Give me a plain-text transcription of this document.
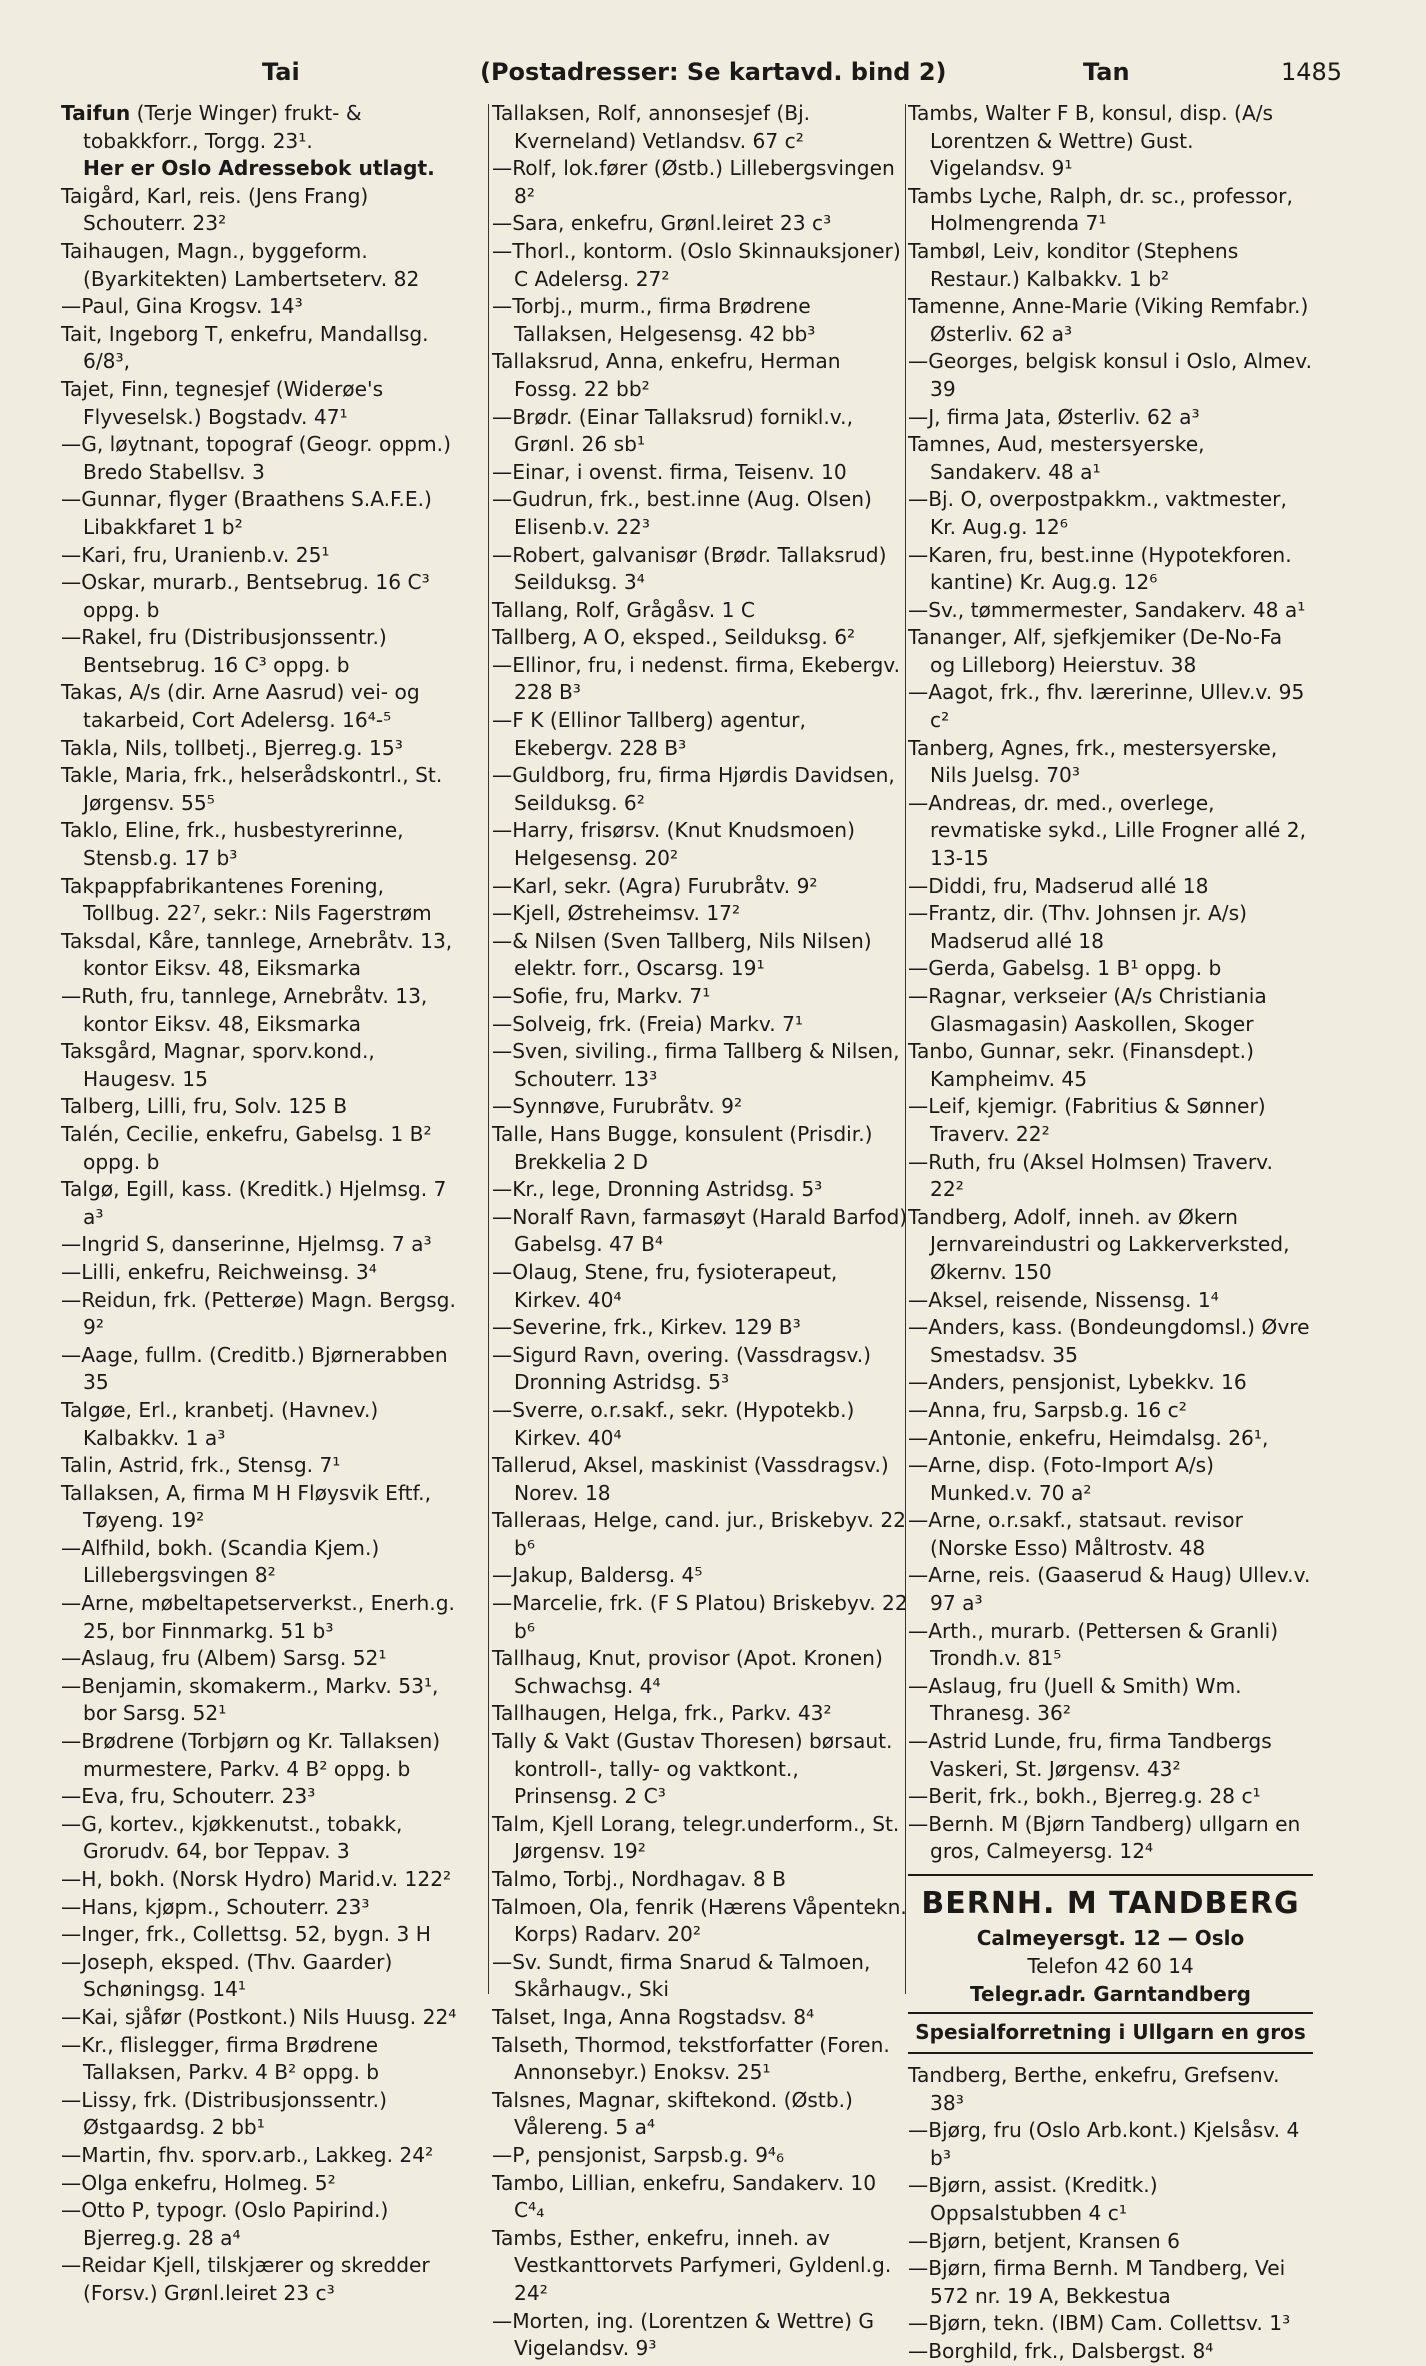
Tai	(Postadresser: Se kartavd. bind 2)	Tan	1485
Taifun (Terje Winger) frukt- & tobakkforr., Torgg. 23¹.
Her er Oslo Adressebok utlagt.
Taigård, Karl, reis. (Jens Frang) Schouterr. 23²
Taihaugen, Magn., byggeform. (Byarkitekten) Lambertseterv. 82
—Paul, Gina Krogsv. 14³
Tait, Ingeborg T, enkefru, Mandallsg. 6/8³,
Tajet, Finn, tegnesjef (Widerøe's Flyveselsk.) Bogstadv. 47¹
—G, løytnant, topograf (Geogr. oppm.) Bredo Stabellsv. 3
—Gunnar, flyger (Braathens S.A.F.E.) Libakkfaret 1 b²
—Kari, fru, Uranienb.v. 25¹
—Oskar, murarb., Bentsebrug. 16 C³ oppg. b
—Rakel, fru (Distribusjonssentr.) Bentsebrug. 16 C³ oppg. b
Takas, A/s (dir. Arne Aasrud) vei- og takarbeid, Cort Adelersg. 16⁴-⁵
Takla, Nils, tollbetj., Bjerreg.g. 15³
Takle, Maria, frk., helserådskontrl., St. Jørgensv. 55⁵
Taklo, Eline, frk., husbestyrerinne, Stensb.g. 17 b³
Takpappfabrikantenes Forening, Tollbug. 22⁷, sekr.: Nils Fagerstrøm
Taksdal, Kåre, tannlege, Arnebråtv. 13, kontor Eiksv. 48, Eiksmarka
—Ruth, fru, tannlege, Arnebråtv. 13, kontor Eiksv. 48, Eiksmarka
Taksgård, Magnar, sporv.kond., Haugesv. 15
Talberg, Lilli, fru, Solv. 125 B
Talén, Cecilie, enkefru, Gabelsg. 1 B² oppg. b
Talgø, Egill, kass. (Kreditk.) Hjelmsg. 7 a³
—Ingrid S, danserinne, Hjelmsg. 7 a³
—Lilli, enkefru, Reichweinsg. 3⁴
—Reidun, frk. (Petterøe) Magn. Bergsg. 9²
—Aage, fullm. (Creditb.) Bjørnerabben 35
Talgøe, Erl., kranbetj. (Havnev.) Kalbakkv. 1 a³
Talin, Astrid, frk., Stensg. 7¹
Tallaksen, A, firma M H Fløysvik Eftf., Tøyeng. 19²
—Alfhild, bokh. (Scandia Kjem.) Lillebergsvingen 8²
—Arne, møbeltapetserverkst., Enerh.g. 25, bor Finnmarkg. 51 b³
—Aslaug, fru (Albem) Sarsg. 52¹
—Benjamin, skomakerm., Markv. 53¹, bor Sarsg. 52¹
—Brødrene (Torbjørn og Kr. Tallaksen) murmestere, Parkv. 4 B² oppg. b
—Eva, fru, Schouterr. 23³
—G, kortev., kjøkkenutst., tobakk, Grorudv. 64, bor Teppav. 3
—H, bokh. (Norsk Hydro) Marid.v. 122²
—Hans, kjøpm., Schouterr. 23³
—Inger, frk., Collettsg. 52, bygn. 3 H
—Joseph, eksped. (Thv. Gaarder) Schøningsg. 14¹
—Kai, sjåfør (Postkont.) Nils Huusg. 22⁴
—Kr., flislegger, firma Brødrene Tallaksen, Parkv. 4 B² oppg. b
—Lissy, frk. (Distribusjonssentr.) Østgaardsg. 2 bb¹
—Martin, fhv. sporv.arb., Lakkeg. 24²
—Olga enkefru, Holmeg. 5²
—Otto P, typogr. (Oslo Papirind.) Bjerreg.g. 28 a⁴
—Reidar Kjell, tilskjærer og skredder (Forsv.) Grønl.leiret 23 c³
Tallaksen, Rolf, annonsesjef (Bj. Kverneland) Vetlandsv. 67 c²
—Rolf, lok.fører (Østb.) Lillebergsvingen 8²
—Sara, enkefru, Grønl.leiret 23 c³
—Thorl., kontorm. (Oslo Skinnauksjoner) C Adelersg. 27²
—Torbj., murm., firma Brødrene Tallaksen, Helgesensg. 42 bb³
Tallaksrud, Anna, enkefru, Herman Fossg. 22 bb²
—Brødr. (Einar Tallaksrud) fornikl.v., Grønl. 26 sb¹
—Einar, i ovenst. firma, Teisenv. 10
—Gudrun, frk., best.inne (Aug. Olsen) Elisenb.v. 22³
—Robert, galvanisør (Brødr. Tallaksrud) Seilduksg. 3⁴
Tallang, Rolf, Grågåsv. 1 C
Tallberg, A O, eksped., Seilduksg. 6²
—Ellinor, fru, i nedenst. firma, Ekebergv. 228 B³
—F K (Ellinor Tallberg) agentur, Ekebergv. 228 B³
—Guldborg, fru, firma Hjørdis Davidsen, Seilduksg. 6²
—Harry, frisørsv. (Knut Knudsmoen) Helgesensg. 20²
—Karl, sekr. (Agra) Furubråtv. 9²
—Kjell, Østreheimsv. 17²
—& Nilsen (Sven Tallberg, Nils Nilsen) elektr. forr., Oscarsg. 19¹
—Sofie, fru, Markv. 7¹
—Solveig, frk. (Freia) Markv. 7¹
—Sven, siviling., firma Tallberg & Nilsen, Schouterr. 13³
—Synnøve, Furubråtv. 9²
Talle, Hans Bugge, konsulent (Prisdir.) Brekkelia 2 D
—Kr., lege, Dronning Astridsg. 5³
—Noralf Ravn, farmasøyt (Harald Barfod) Gabelsg. 47 B⁴
—Olaug, Stene, fru, fysioterapeut, Kirkev. 40⁴
—Severine, frk., Kirkev. 129 B³
—Sigurd Ravn, overing. (Vassdragsv.) Dronning Astridsg. 5³
—Sverre, o.r.sakf., sekr. (Hypotekb.) Kirkev. 40⁴
Tallerud, Aksel, maskinist (Vassdragsv.) Norev. 18
Talleraas, Helge, cand. jur., Briskebyv. 22 b⁶
—Jakup, Baldersg. 4⁵
—Marcelie, frk. (F S Platou) Briskebyv. 22 b⁶
Tallhaug, Knut, provisor (Apot. Kronen) Schwachsg. 4⁴
Tallhaugen, Helga, frk., Parkv. 43²
Tally & Vakt (Gustav Thoresen) børsaut. kontroll-, tally- og vaktkont., Prinsensg. 2 C³
Talm, Kjell Lorang, telegr.underform., St. Jørgensv. 19²
Talmo, Torbj., Nordhagav. 8 B
Talmoen, Ola, fenrik (Hærens Våpentekn. Korps) Radarv. 20²
—Sv. Sundt, firma Snarud & Talmoen, Skårhaugv., Ski
Talset, Inga, Anna Rogstadsv. 8⁴
Talseth, Thormod, tekstforfatter (Foren. Annonsebyr.) Enoksv. 25¹
Talsnes, Magnar, skiftekond. (Østb.) Vålereng. 5 a⁴
—P, pensjonist, Sarpsb.g. 9⁴₆
Tambo, Lillian, enkefru, Sandakerv. 10 C⁴₄
Tambs, Esther, enkefru, inneh. av Vestkanttorvets Parfymeri, Gyldenl.g. 24²
—Morten, ing. (Lorentzen & Wettre) G Vigelandsv. 9³
Tambs, Walter F B, konsul, disp. (A/s Lorentzen & Wettre) Gust. Vigelandsv. 9¹
Tambs Lyche, Ralph, dr. sc., professor, Holmengrenda 7¹
Tambøl, Leiv, konditor (Stephens Restaur.) Kalbakkv. 1 b²
Tamenne, Anne-Marie (Viking Remfabr.) Østerliv. 62 a³
—Georges, belgisk konsul i Oslo, Almev. 39
—J, firma Jata, Østerliv. 62 a³
Tamnes, Aud, mestersyerske, Sandakerv. 48 a¹
—Bj. O, overpostpakkm., vaktmester, Kr. Aug.g. 12⁶
—Karen, fru, best.inne (Hypotekforen. kantine) Kr. Aug.g. 12⁶
—Sv., tømmermester, Sandakerv. 48 a¹
Tananger, Alf, sjefkjemiker (De-No-Fa og Lilleborg) Heierstuv. 38
—Aagot, frk., fhv. lærerinne, Ullev.v. 95 c²
Tanberg, Agnes, frk., mestersyerske, Nils Juelsg. 70³
—Andreas, dr. med., overlege, revmatiske sykd., Lille Frogner allé 2, 13-15
—Diddi, fru, Madserud allé 18
—Frantz, dir. (Thv. Johnsen jr. A/s) Madserud allé 18
—Gerda, Gabelsg. 1 B¹ oppg. b
—Ragnar, verkseier (A/s Christiania Glasmagasin) Aaskollen, Skoger
Tanbo, Gunnar, sekr. (Finansdept.) Kampheimv. 45
—Leif, kjemigr. (Fabritius & Sønner) Traverv. 22²
—Ruth, fru (Aksel Holmsen) Traverv. 22²
Tandberg, Adolf, inneh. av Økern Jernvareindustri og Lakkerverksted, Økernv. 150
—Aksel, reisende, Nissensg. 1⁴
—Anders, kass. (Bondeungdomsl.) Øvre Smestadsv. 35
—Anders, pensjonist, Lybekkv. 16
—Anna, fru, Sarpsb.g. 16 c²
—Antonie, enkefru, Heimdalsg. 26¹,
—Arne, disp. (Foto-Import A/s) Munked.v. 70 a²
—Arne, o.r.sakf., statsaut. revisor (Norske Esso) Måltrostv. 48
—Arne, reis. (Gaaserud & Haug) Ullev.v. 97 a³
—Arth., murarb. (Pettersen & Granli) Trondh.v. 81⁵
—Aslaug, fru (Juell & Smith) Wm. Thranesg. 36²
—Astrid Lunde, fru, firma Tandbergs Vaskeri, St. Jørgensv. 43²
—Berit, frk., bokh., Bjerreg.g. 28 c¹
—Bernh. M (Bjørn Tandberg) ullgarn en gros, Calmeyersg. 12⁴
BERNH. M TANDBERG
Calmeyersgt. 12 — Oslo
Telefon 42 60 14
Telegr.adr. Garntandberg
Spesialforretning i Ullgarn en gros
Tandberg, Berthe, enkefru, Grefsenv. 38³
—Bjørg, fru (Oslo Arb.kont.) Kjelsåsv. 4 b³
—Bjørn, assist. (Kreditk.) Oppsalstubben 4 c¹
—Bjørn, betjent, Kransen 6
—Bjørn, firma Bernh. M Tandberg, Vei 572 nr. 19 A, Bekkestua
—Bjørn, tekn. (IBM) Cam. Collettsv. 1³
—Borghild, frk., Dalsbergst. 8⁴
